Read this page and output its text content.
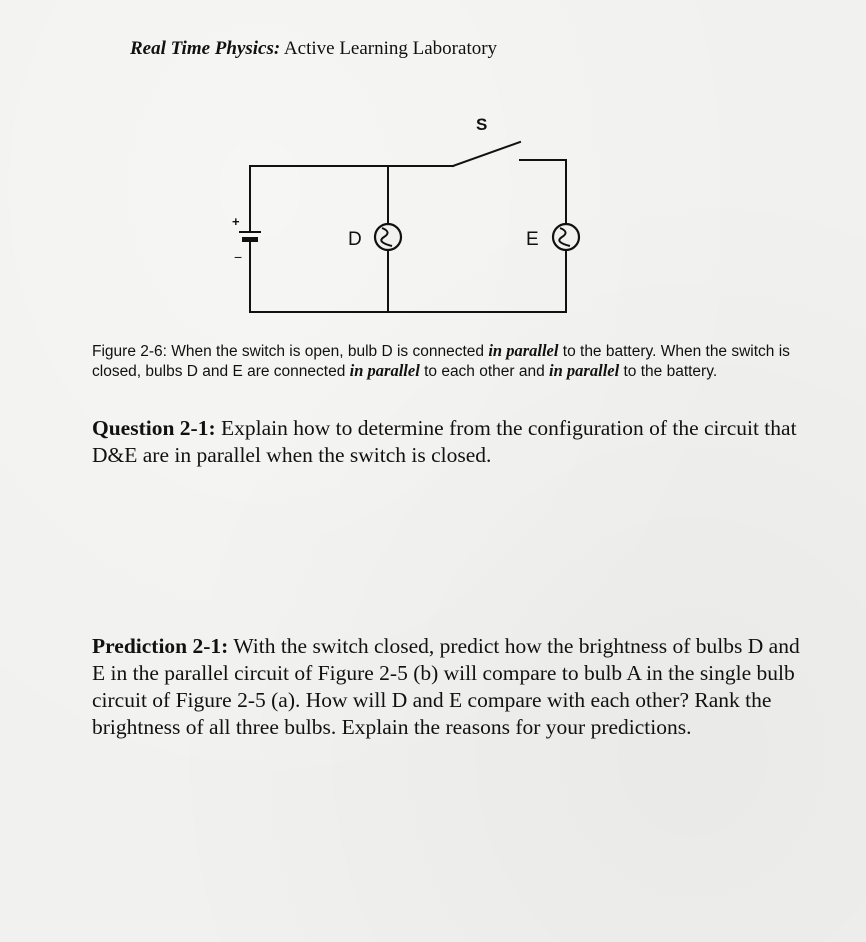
Real Time Physics: Active Learning Laboratory
+
−
S
D	E
Figure 2-6: When the switch is open, bulb D is connected in parallel to the battery. When the switch is closed, bulbs D and E are connected in parallel to each other and in parallel to the battery.
Question 2-1: Explain how to determine from the configuration of the circuit that D&E are in parallel when the switch is closed.
Prediction 2-1: With the switch closed, predict how the brightness of bulbs D and E in the parallel circuit of Figure 2-5 (b) will compare to bulb A in the single bulb circuit of Figure 2-5 (a). How will D and E compare with each other? Rank the brightness of all three bulbs. Explain the reasons for your predictions.
